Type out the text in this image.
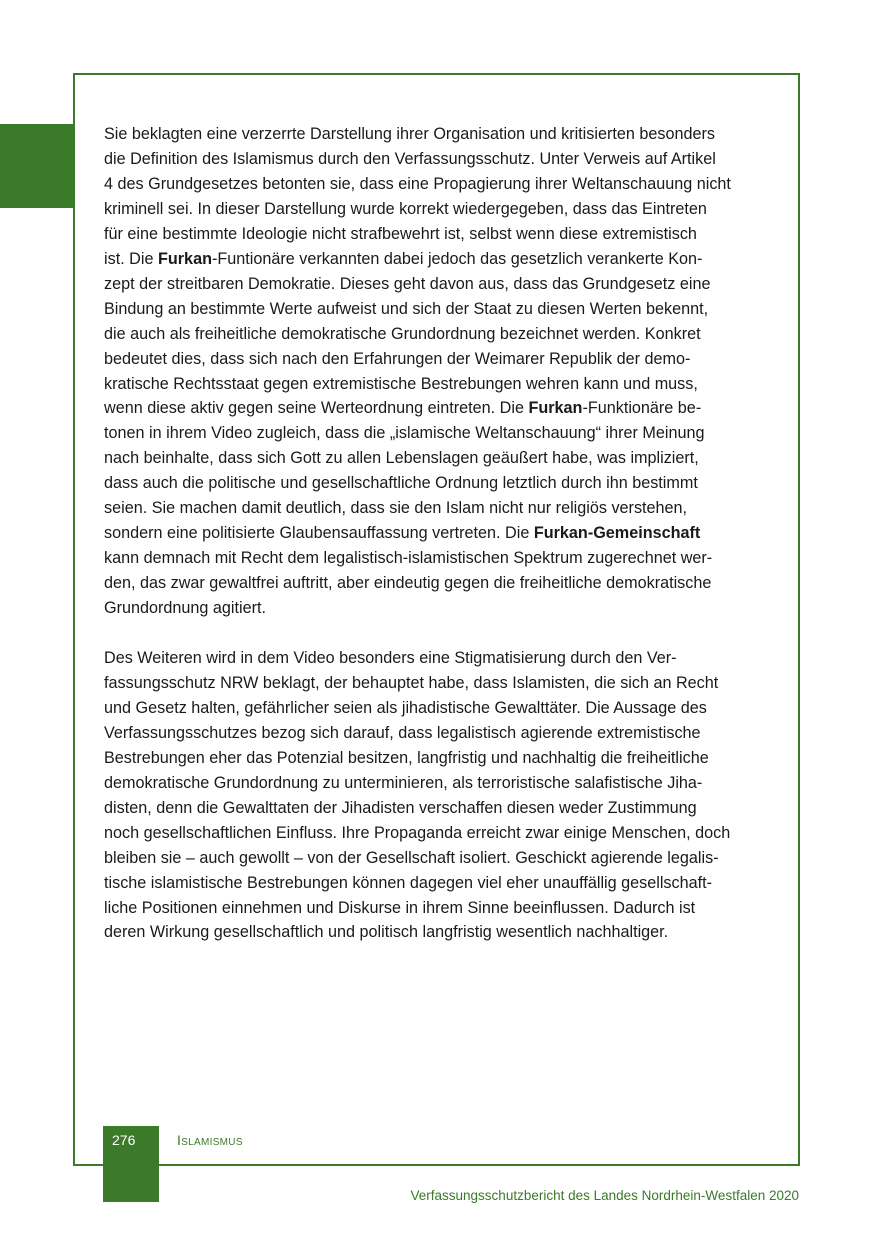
Sie beklagten eine verzerrte Darstellung ihrer Organisation und kritisierten besonders
die Definition des Islamismus durch den Verfassungsschutz. Unter Verweis auf Artikel
4 des Grundgesetzes betonten sie, dass eine Propagierung ihrer Weltanschauung nicht
kriminell sei. In dieser Darstellung wurde korrekt wiedergegeben, dass das Eintreten
für eine bestimmte Ideologie nicht strafbewehrt ist, selbst wenn diese extremistisch
ist. Die Furkan-Funtionäre verkannten dabei jedoch das gesetzlich verankerte Kon-
zept der streitbaren Demokratie. Dieses geht davon aus, dass das Grundgesetz eine
Bindung an bestimmte Werte aufweist und sich der Staat zu diesen Werten bekennt,
die auch als freiheitliche demokratische Grundordnung bezeichnet werden. Konkret
bedeutet dies, dass sich nach den Erfahrungen der Weimarer Republik der demo-
kratische Rechtsstaat gegen extremistische Bestrebungen wehren kann und muss,
wenn diese aktiv gegen seine Werteordnung eintreten. Die Furkan-Funktionäre be-
tonen in ihrem Video zugleich, dass die „islamische Weltanschauung“ ihrer Meinung
nach beinhalte, dass sich Gott zu allen Lebenslagen geäußert habe, was impliziert,
dass auch die politische und gesellschaftliche Ordnung letztlich durch ihn bestimmt
seien. Sie machen damit deutlich, dass sie den Islam nicht nur religiös verstehen,
sondern eine politisierte Glaubensauffassung vertreten. Die Furkan-Gemeinschaft
kann demnach mit Recht dem legalistisch-islamistischen Spektrum zugerechnet wer-
den, das zwar gewaltfrei auftritt, aber eindeutig gegen die freiheitliche demokratische
Grundordnung agitiert.
Des Weiteren wird in dem Video besonders eine Stigmatisierung durch den Ver-
fassungsschutz NRW beklagt, der behauptet habe, dass Islamisten, die sich an Recht
und Gesetz halten, gefährlicher seien als jihadistische Gewalttäter. Die Aussage des
Verfassungsschutzes bezog sich darauf, dass legalistisch agierende extremistische
Bestrebungen eher das Potenzial besitzen, langfristig und nachhaltig die freiheitliche
demokratische Grundordnung zu unterminieren, als terroristische salafistische Jiha-
disten, denn die Gewalttaten der Jihadisten verschaffen diesen weder Zustimmung
noch gesellschaftlichen Einfluss. Ihre Propaganda erreicht zwar einige Menschen, doch
bleiben sie – auch gewollt – von der Gesellschaft isoliert. Geschickt agierende legalis-
tische islamistische Bestrebungen können dagegen viel eher unauffällig gesellschaft-
liche Positionen einnehmen und Diskurse in ihrem Sinne beeinflussen. Dadurch ist
deren Wirkung gesellschaftlich und politisch langfristig wesentlich nachhaltiger.
276	Islamismus
Verfassungsschutzbericht des Landes Nordrhein-Westfalen 2020
